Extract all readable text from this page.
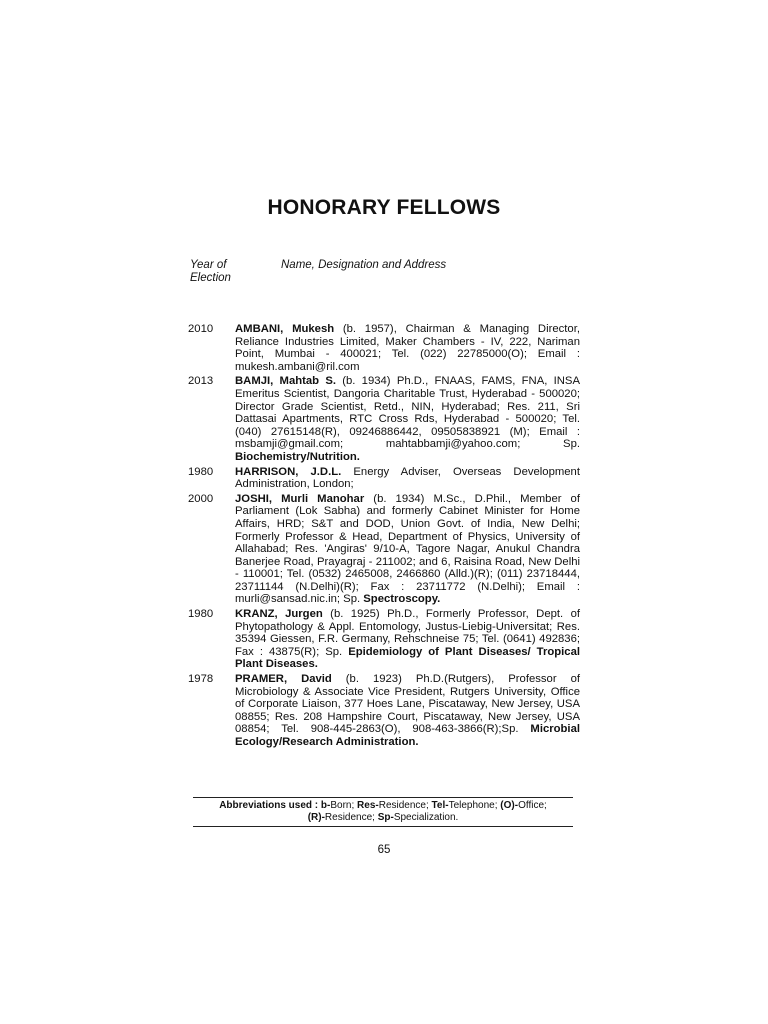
HONORARY FELLOWS
Year of Election
Name, Designation and Address
2010 AMBANI, Mukesh (b. 1957), Chairman & Managing Director, Reliance Industries Limited, Maker Chambers - IV, 222, Nariman Point, Mumbai - 400021; Tel. (022) 22785000(O); Email : mukesh.ambani@ril.com
2013 BAMJI, Mahtab S. (b. 1934) Ph.D., FNAAS, FAMS, FNA, INSA Emeritus Scientist, Dangoria Charitable Trust, Hyderabad - 500020; Director Grade Scientist, Retd., NIN, Hyderabad; Res. 211, Sri Dattasai Apartments, RTC Cross Rds, Hyderabad - 500020; Tel. (040) 27615148(R), 09246886442, 09505838921 (M); Email : msbamji@gmail.com; mahtabbamji@yahoo.com; Sp. Biochemistry/Nutrition.
1980 HARRISON, J.D.L. Energy Adviser, Overseas Development Administration, London;
2000 JOSHI, Murli Manohar (b. 1934) M.Sc., D.Phil., Member of Parliament (Lok Sabha) and formerly Cabinet Minister for Home Affairs, HRD; S&T and DOD, Union Govt. of India, New Delhi; Formerly Professor & Head, Department of Physics, University of Allahabad; Res. 'Angiras' 9/10-A, Tagore Nagar, Anukul Chandra Banerjee Road, Prayagraj - 211002; and 6, Raisina Road, New Delhi - 110001; Tel. (0532) 2465008, 2466860 (Alld.)(R); (011) 23718444, 23711144 (N.Delhi)(R); Fax : 23711772 (N.Delhi); Email : murli@sansad.nic.in; Sp. Spectroscopy.
1980 KRANZ, Jurgen (b. 1925) Ph.D., Formerly Professor, Dept. of Phytopathology & Appl. Entomology, Justus-Liebig-Universitat; Res. 35394 Giessen, F.R. Germany, Rehschneise 75; Tel. (0641) 492836; Fax : 43875(R); Sp. Epidemiology of Plant Diseases/ Tropical Plant Diseases.
1978 PRAMER, David (b. 1923) Ph.D.(Rutgers), Professor of Microbiology & Associate Vice President, Rutgers University, Office of Corporate Liaison, 377 Hoes Lane, Piscataway, New Jersey, USA 08855; Res. 208 Hampshire Court, Piscataway, New Jersey, USA 08854; Tel. 908-445-2863(O), 908-463-3866(R);Sp. Microbial Ecology/Research Administration.
Abbreviations used : b-Born; Res-Residence; Tel-Telephone; (O)-Office;
(R)-Residence; Sp-Specialization.
65
